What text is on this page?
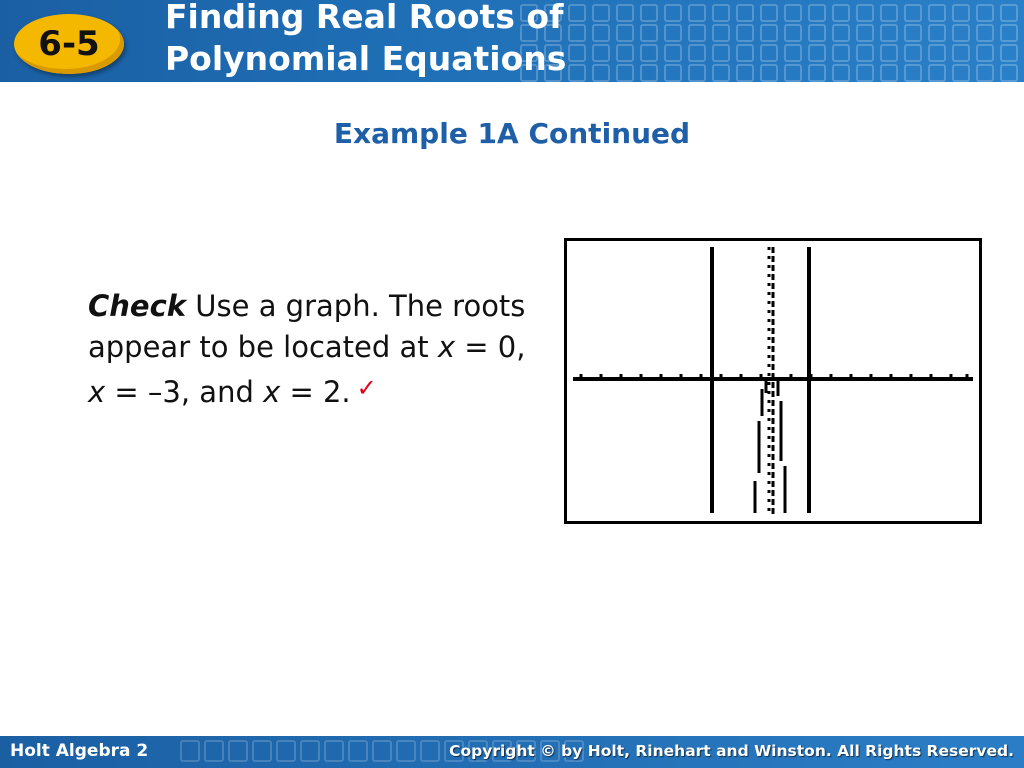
6-5
Finding Real Roots of
Polynomial Equations
Example 1A Continued
Check Use a graph. The roots appear to be located at x = 0, x = –3, and x = 2. ✓
Holt Algebra 2	Copyright © by Holt, Rinehart and Winston. All Rights Reserved.
